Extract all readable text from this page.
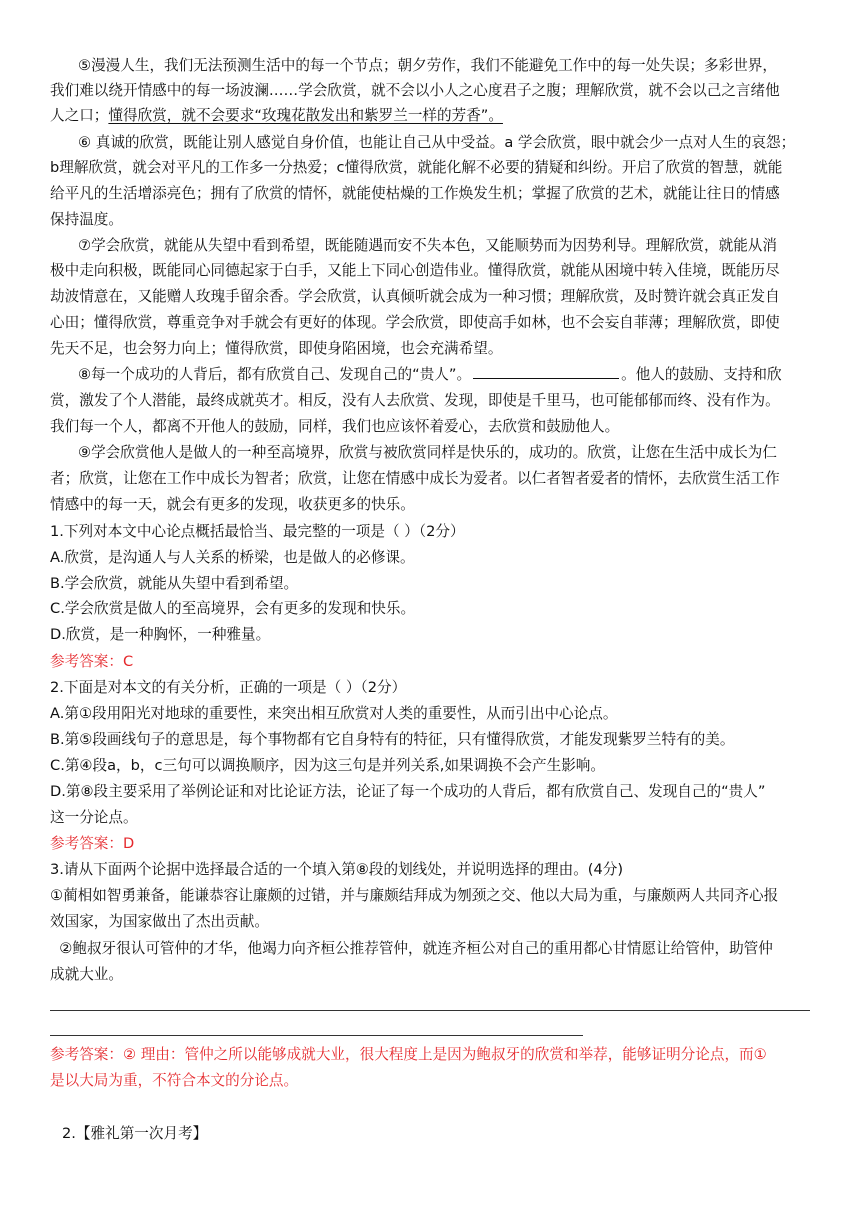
⑤漫漫人生，我们无法预测生活中的每一个节点；朝夕劳作，我们不能避免工作中的每一处失误；多彩世界，
我们难以绕开情感中的每一场波澜……学会欣赏，就不会以小人之心度君子之腹；理解欣赏，就不会以己之言绪他
人之口；懂得欣赏，就不会要求“玫瑰花散发出和紫罗兰一样的芳香”。
⑥ 真诚的欣赏，既能让别人感觉自身价值，也能让自己从中受益。a 学会欣赏，眼中就会少一点对人生的哀怨；
b理解欣赏，就会对平凡的工作多一分热爱；c懂得欣赏，就能化解不必要的猜疑和纠纷。开启了欣赏的智慧，就能
给平凡的生活增添亮色；拥有了欣赏的情怀，就能使枯燥的工作焕发生机；掌握了欣赏的艺术，就能让往日的情感
保持温度。
⑦学会欣赏，就能从失望中看到希望，既能随遇而安不失本色，又能顺势而为因势利导。理解欣赏，就能从消
极中走向积极，既能同心同德起家于白手，又能上下同心创造伟业。懂得欣赏，就能从困境中转入佳境，既能历尽
劫波情意在，又能赠人玫瑰手留余香。学会欣赏，认真倾听就会成为一种习惯；理解欣赏，及时赞许就会真正发自
心田；懂得欣赏，尊重竞争对手就会有更好的体现。学会欣赏，即使高手如林，也不会妄自菲薄；理解欣赏，即使
先天不足，也会努力向上；懂得欣赏，即使身陷困境，也会充满希望。
⑧每一个成功的人背后，都有欣赏自己、发现自己的“贵人”。	。他人的鼓励、支持和欣
赏，激发了个人潜能，最终成就英才。相反，没有人去欣赏、发现，即使是千里马，也可能郁郁而终、没有作为。
我们每一个人，都离不开他人的鼓励，同样，我们也应该怀着爱心，去欣赏和鼓励他人。
⑨学会欣赏他人是做人的一种至高境界，欣赏与被欣赏同样是快乐的，成功的。欣赏，让您在生活中成长为仁
者；欣赏，让您在工作中成长为智者；欣赏，让您在情感中成长为爱者。以仁者智者爱者的情怀，去欣赏生活工作
情感中的每一天，就会有更多的发现，收获更多的快乐。
1.下列对本文中心论点概括最恰当、最完整的一项是（ ）（2分）
A.欣赏，是沟通人与人关系的桥梁，也是做人的必修课。
B.学会欣赏，就能从失望中看到希望。
C.学会欣赏是做人的至高境界，会有更多的发现和快乐。
D.欣赏，是一种胸怀，一种雅量。
参考答案：C
2.下面是对本文的有关分析，正确的一项是（ ）（2分）
A.第①段用阳光对地球的重要性，来突出相互欣赏对人类的重要性，从而引出中心论点。
B.第⑤段画线句子的意思是，每个事物都有它自身特有的特征，只有懂得欣赏，才能发现紫罗兰特有的美。
C.第④段a，b，c三句可以调换顺序，因为这三句是并列关系,如果调换不会产生影响。
D.第⑧段主要采用了举例论证和对比论证方法，论证了每一个成功的人背后，都有欣赏自己、发现自己的“贵人”
这一分论点。
参考答案：D
3.请从下面两个论据中选择最合适的一个填入第⑧段的划线处，并说明选择的理由。(4分)
①蔺相如智勇兼备，能谦恭容让廉颇的过错，并与廉颇结拜成为刎颈之交、他以大局为重，与廉颇两人共同齐心报
效国家，为国家做出了杰出贡献。
②鲍叔牙很认可管仲的才华，他竭力向齐桓公推荐管仲，就连齐桓公对自己的重用都心甘情愿让给管仲，助管仲
成就大业。
参考答案：② 理由：管仲之所以能够成就大业，很大程度上是因为鲍叔牙的欣赏和举荐，能够证明分论点，而①
是以大局为重，不符合本文的分论点。
2.【雅礼第一次月考】
